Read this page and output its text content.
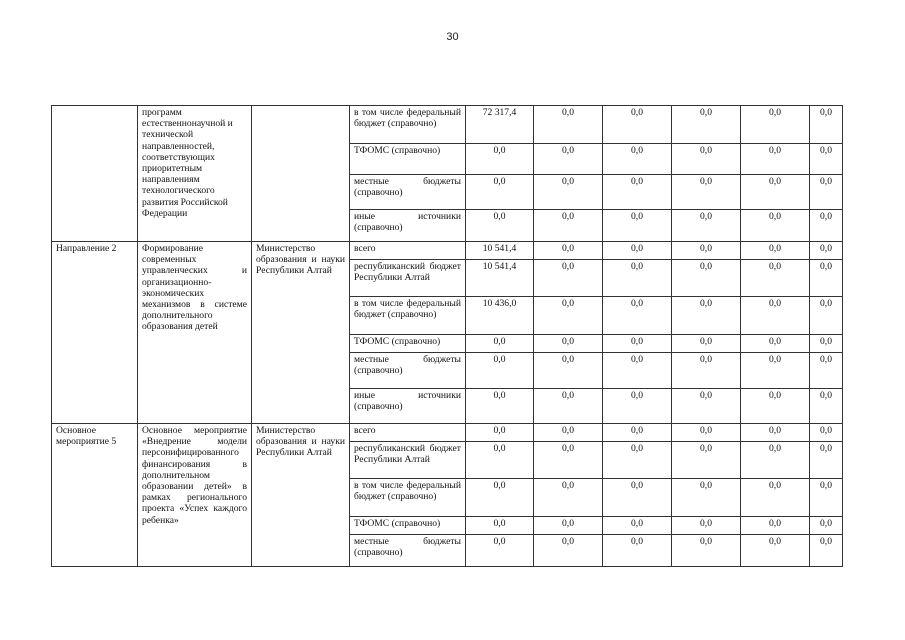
30

	программ естественнонаучной и технической направленностей, соответствующих приоритетным направлениям технологического развития Российской Федерации		в том числе федеральный бюджет (справочно)	72 317,4	0,0	0,0	0,0	0,0	0,0

			ТФОМС (справочно)	0,0	0,0	0,0	0,0	0,0	0,0

			местные бюджеты (справочно)	0,0	0,0	0,0	0,0	0,0	0,0

			иные источники (справочно)	0,0	0,0	0,0	0,0	0,0	0,0

Направление 2	Формирование современных управленческих и организационно-экономических механизмов в системе дополнительного образования детей	Министерство образования и науки Республики Алтай	всего	10 541,4	0,0	0,0	0,0	0,0	0,0

			республиканский бюджет Республики Алтай	10 541,4	0,0	0,0	0,0	0,0	0,0

			в том числе федеральный бюджет (справочно)	10 436,0	0,0	0,0	0,0	0,0	0,0

			ТФОМС (справочно)	0,0	0,0	0,0	0,0	0,0	0,0

			местные бюджеты (справочно)	0,0	0,0	0,0	0,0	0,0	0,0

			иные источники (справочно)	0,0	0,0	0,0	0,0	0,0	0,0

Основное мероприятие 5	Основное мероприятие «Внедрение модели персонифицированного финансирования в дополнительном образовании детей» в рамках регионального проекта «Успех каждого ребенка»	Министерство образования и науки Республики Алтай	всего	0,0	0,0	0,0	0,0	0,0	0,0

			республиканский бюджет Республики Алтай	0,0	0,0	0,0	0,0	0,0	0,0

			в том числе федеральный бюджет (справочно)	0,0	0,0	0,0	0,0	0,0	0,0

			ТФОМС (справочно)	0,0	0,0	0,0	0,0	0,0	0,0

			местные бюджеты (справочно)	0,0	0,0	0,0	0,0	0,0	0,0
